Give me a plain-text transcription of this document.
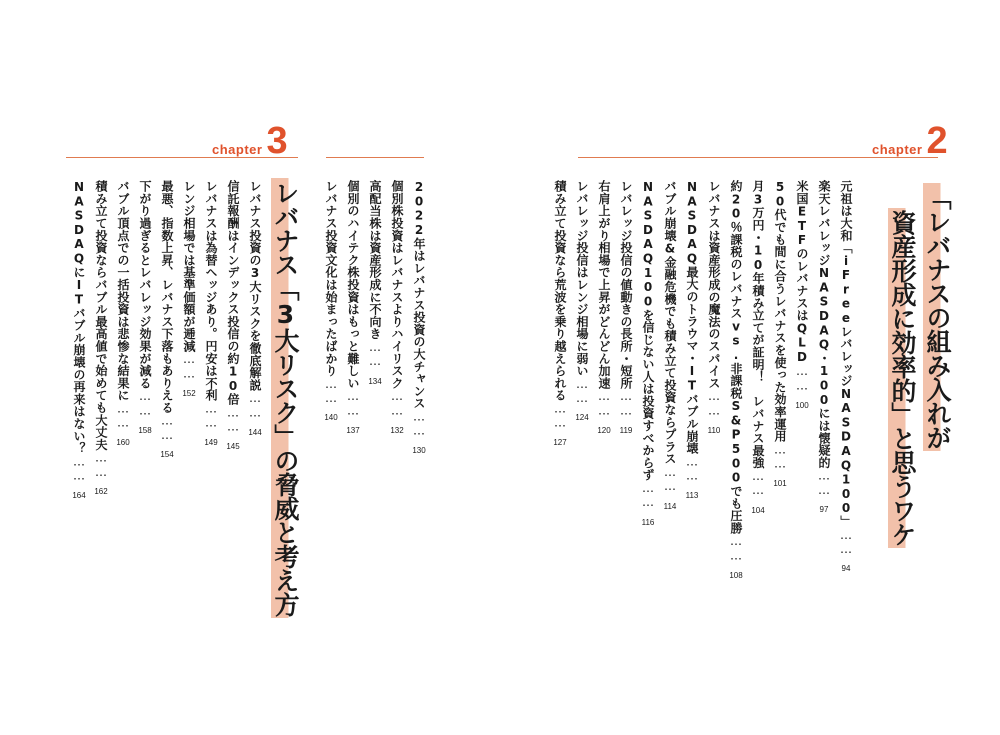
chapter 2
「レバナスの組み入れが
資産形成に効率的」と思うワケ
元祖は大和「iFreeレバレッジNASDAQ100」……94
楽天レバレッジNASDAQ・100には懐疑的……97
米国ETFのレバナスはQLD……100
50代でも間に合うレバナスを使った効率運用……101
月3万円・10年積み立てが証明！　レバナス最強……104
約20％課税のレバナスvs.非課税S&P500でも圧勝……108
レバナスは資産形成の魔法のスパイス……110
NASDAQ最大のトラウマ・ITバブル崩壊……113
バブル崩壊&金融危機でも積み立て投資ならプラス……114
NASDAQ100を信じない人は投資すべからず……116
レバレッジ投信の値動きの長所・短所……119
右肩上がり相場で上昇がどんどん加速……120
レバレッジ投信はレンジ相場に弱い……124
積み立て投資なら荒波を乗り越えられる……127
chapter 3
レバナス「3大リスク」の脅威と考え方	2022年はレバナス投資の大チャンス……130
個別株投資はレバナスよりハイリスク……132
高配当株は資産形成に不向き……134
個別のハイテク株投資はもっと難しい……137
レバナス投資文化は始まったばかり……140
レバナス投資の3大リスクを徹底解説……144
信託報酬はインデックス投信の約10倍……145
レバナスは為替ヘッジあり。円安は不利……149
レンジ相場では基準価額が逓減……152
最悪、指数上昇、レバナス下落もありえる……154
下がり過ぎるとレバレッジ効果が減る……158
バブル頂点での一括投資は悲惨な結果に……160
積み立て投資ならバブル最高値で始めても大丈夫……162
NASDAQにITバブル崩壊の再来はない？……164
